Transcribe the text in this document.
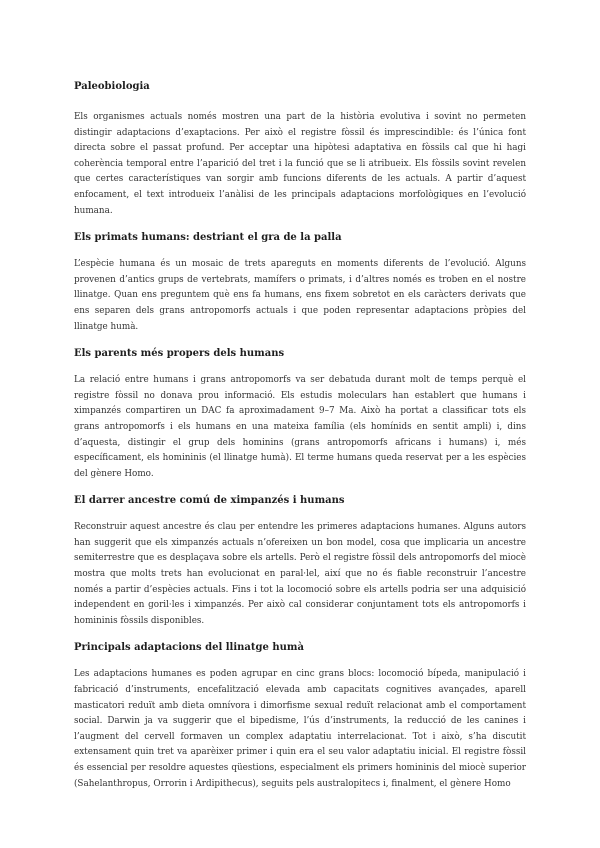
Paleobiologia

Els organismes actuals només mostren una part de la història evolutiva i sovint no permeten distingir adaptacions d’exaptacions. Per això el registre fòssil és imprescindible: és l’única font directa sobre el passat profund. Per acceptar una hipòtesi adaptativa en fòssils cal que hi hagi coherència temporal entre l’aparició del tret i la funció que se li atribueix. Els fòssils sovint revelen que certes característiques van sorgir amb funcions diferents de les actuals. A partir d’aquest enfocament, el text introdueix l’anàlisi de les principals adaptacions morfològiques en l’evolució humana.

Els primats humans: destriant el gra de la palla

L’espècie humana és un mosaic de trets apareguts en moments diferents de l’evolució. Alguns provenen d’antics grups de vertebrats, mamífers o primats, i d’altres només es troben en el nostre llinatge. Quan ens preguntem què ens fa humans, ens fixem sobretot en els caràcters derivats que ens separen dels grans antropomorfs actuals i que poden representar adaptacions pròpies del llinatge humà.

Els parents més propers dels humans

La relació entre humans i grans antropomorfs va ser debatuda durant molt de temps perquè el registre fòssil no donava prou informació. Els estudis moleculars han establert que humans i ximpanzés compartiren un DAC fa aproximadament 9–7 Ma. Això ha portat a classificar tots els grans antropomorfs i els humans en una mateixa família (els homínids en sentit ampli) i, dins d’aquesta, distingir el grup dels hominins (grans antropomorfs africans i humans) i, més específicament, els homininis (el llinatge humà). El terme humans queda reservat per a les espècies del gènere Homo.

El darrer ancestre comú de ximpanzés i humans

Reconstruir aquest ancestre és clau per entendre les primeres adaptacions humanes. Alguns autors han suggerit que els ximpanzés actuals n’oferеixen un bon model, cosa que implicaria un ancestre semiterrestre que es desplaçava sobre els artells. Però el registre fòssil dels antropomorfs del miocè mostra que molts trets han evolucionat en paral·lel, així que no és fiable reconstruir l’ancestre només a partir d’espècies actuals. Fins i tot la locomoció sobre els artells podria ser una adquisició independent en goril·les i ximpanzés. Per això cal considerar conjuntament tots els antropomorfs i homininis fòssils disponibles.

Principals adaptacions del llinatge humà

Les adaptacions humanes es poden agrupar en cinc grans blocs: locomoció bípeda, manipulació i fabricació d’instruments, encefalització elevada amb capacitats cognitives avançades, aparell masticatori reduït amb dieta omnívora i dimorfisme sexual reduït relacionat amb el comportament social. Darwin ja va suggerir que el bipedisme, l’ús d’instruments, la reducció de les canines i l’augment del cervell formaven un complex adaptatiu interrelacionat. Tot i això, s’ha discutit extensament quin tret va aparèixer primer i quin era el seu valor adaptatiu inicial. El registre fòssil és essencial per resoldre aquestes qüestions, especialment els primers homininis del miocè superior (Sahelanthropus, Orrorin i Ardipithecus), seguits pels australopitecs i, finalment, el gènere Homo
